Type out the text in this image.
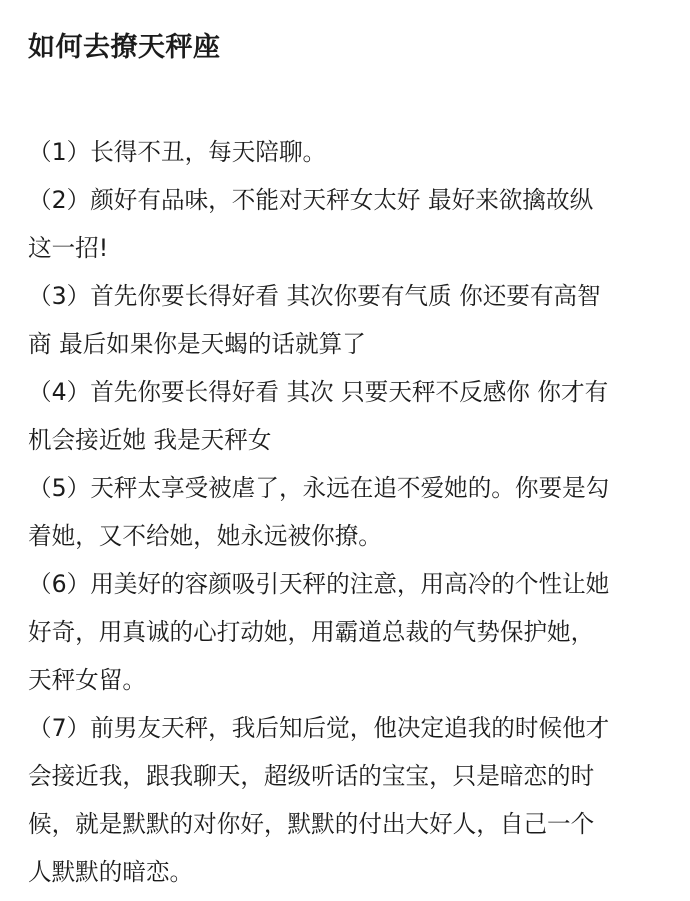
如何去撩天秤座
（1）长得不丑，每天陪聊。
（2）颜好有品味，不能对天秤女太好 最好来欲擒故纵
这一招!
（3）首先你要长得好看 其次你要有气质 你还要有高智
商 最后如果你是天蝎的话就算了
（4）首先你要长得好看 其次 只要天秤不反感你 你才有
机会接近她 我是天秤女
（5）天秤太享受被虐了，永远在追不爱她的。你要是勾
着她，又不给她，她永远被你撩。
（6）用美好的容颜吸引天秤的注意，用高冷的个性让她
好奇，用真诚的心打动她，用霸道总裁的气势保护她，
天秤女留。
（7）前男友天秤，我后知后觉，他决定追我的时候他才
会接近我，跟我聊天，超级听话的宝宝，只是暗恋的时
候，就是默默的对你好，默默的付出大好人，自己一个
人默默的暗恋。
